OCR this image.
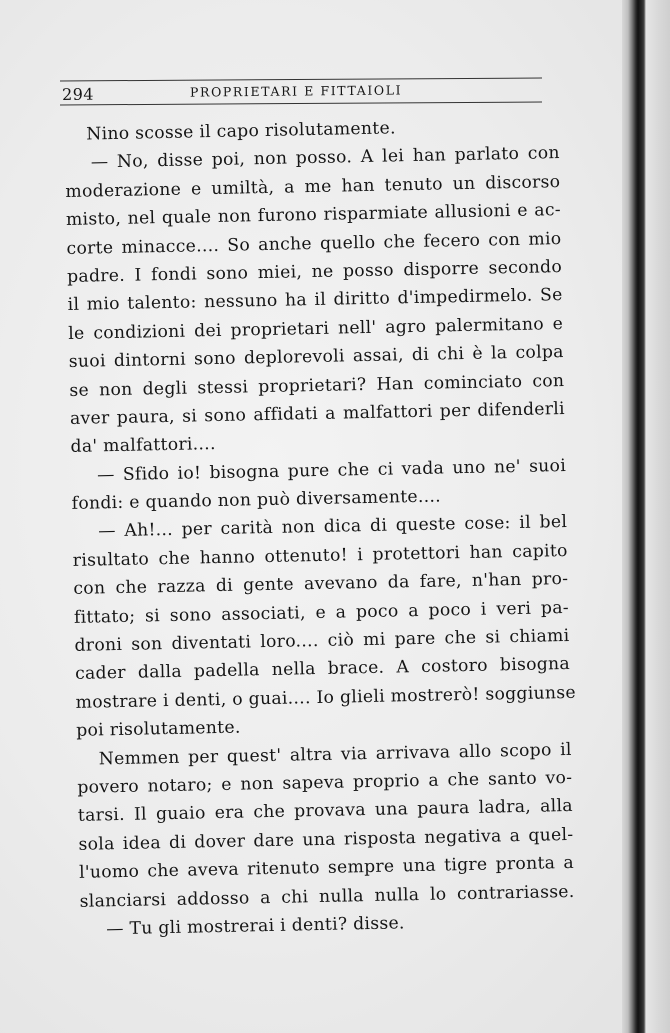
294	PROPRIETARI E FITTAIOLI
Nino scosse il capo risolutamente.
— No, disse poi, non posso. A lei han parlato con
moderazione e umiltà, a me han tenuto un discorso
misto, nel quale non furono risparmiate allusioni e ac-
corte minacce.... So anche quello che fecero con mio
padre. I fondi sono miei, ne posso disporre secondo
il mio talento: nessuno ha il diritto d'impedirmelo. Se
le condizioni dei proprietari nell' agro palermitano e
suoi dintorni sono deplorevoli assai, di chi è la colpa
se non degli stessi proprietari? Han cominciato con
aver paura, si sono affidati a malfattori per difenderli
da' malfattori....
— Sfido io! bisogna pure che ci vada uno ne' suoi
fondi: e quando non può diversamente....
— Ah!... per carità non dica di queste cose: il bel
risultato che hanno ottenuto! i protettori han capito
con che razza di gente avevano da fare, n'han pro-
fittato; si sono associati, e a poco a poco i veri pa-
droni son diventati loro.... ciò mi pare che si chiami
cader dalla padella nella brace. A costoro bisogna
mostrare i denti, o guai.... Io glieli mostrerò! soggiunse
poi risolutamente.
Nemmen per quest' altra via arrivava allo scopo il
povero notaro; e non sapeva proprio a che santo vo-
tarsi. Il guaio era che provava una paura ladra, alla
sola idea di dover dare una risposta negativa a quel-
l'uomo che aveva ritenuto sempre una tigre pronta a
slanciarsi addosso a chi nulla nulla lo contrariasse.
— Tu gli mostrerai i denti? disse.
